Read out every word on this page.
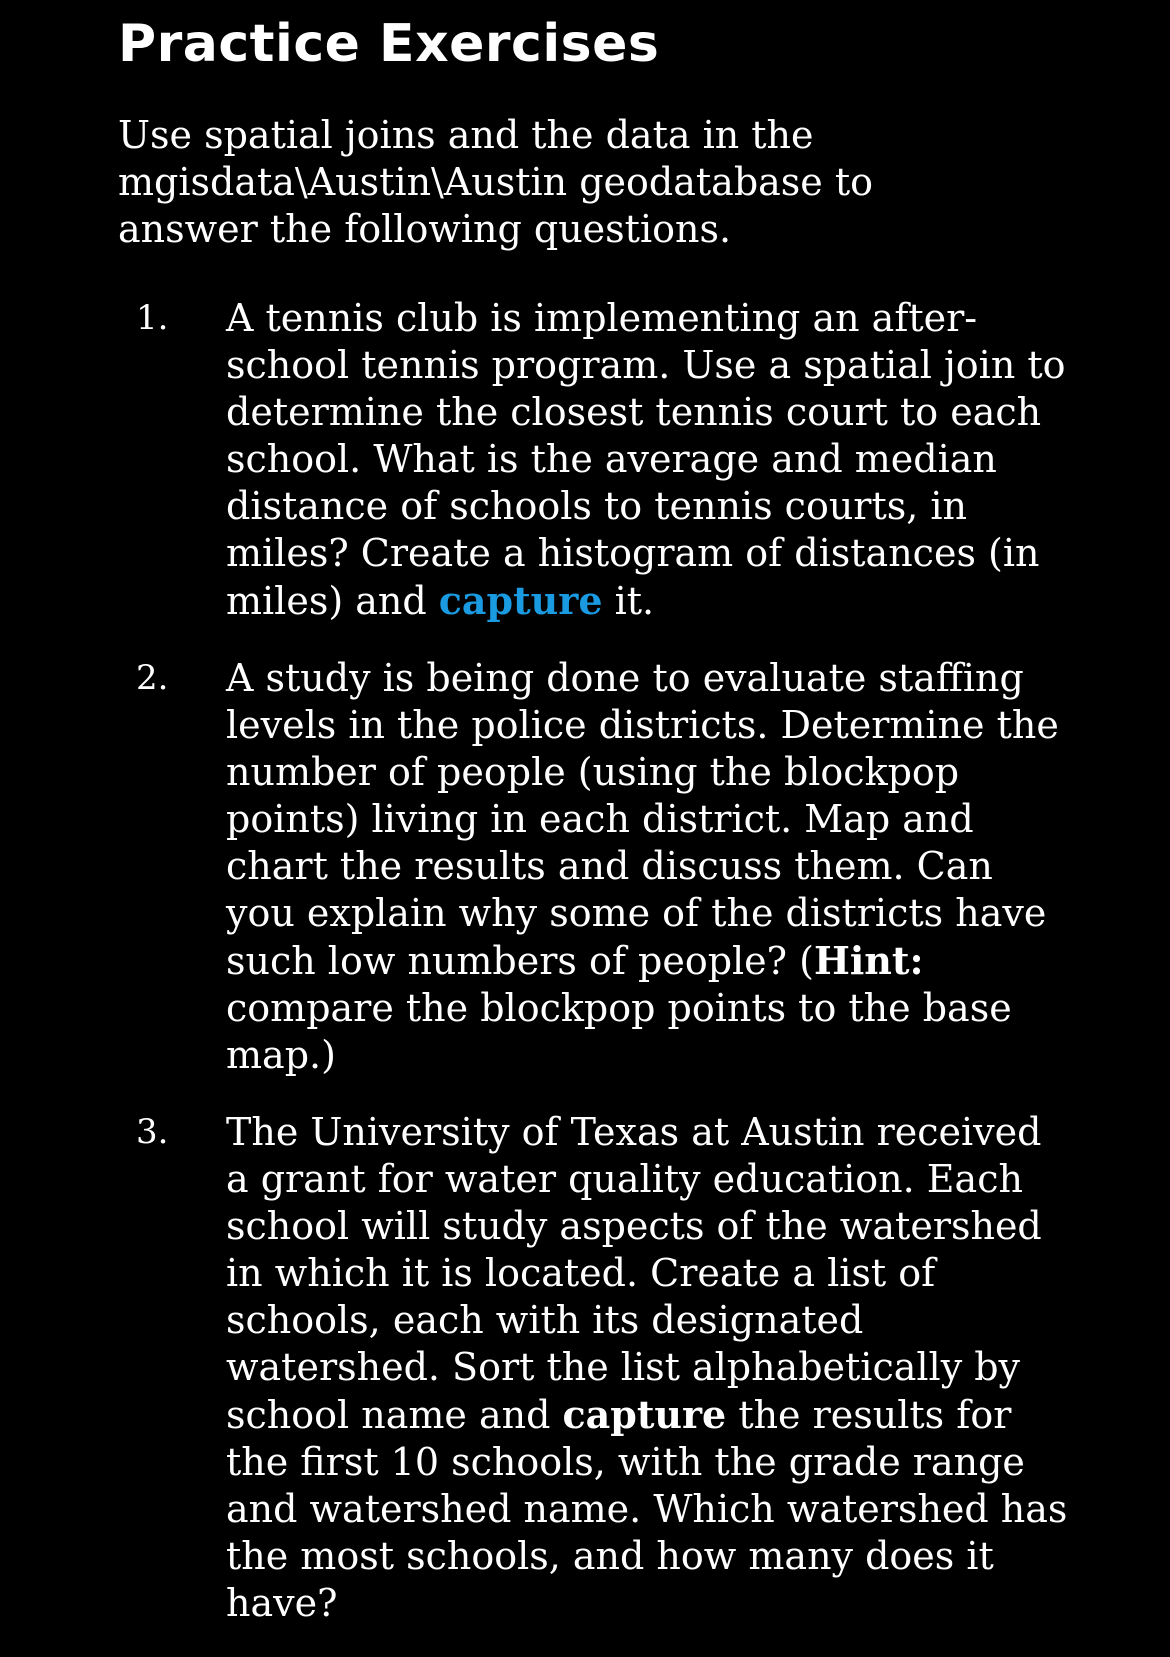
Practice Exercises

Use spatial joins and the data in the mgisdata\Austin\Austin geodatabase to answer the following questions.

1. A tennis club is implementing an after-school tennis program. Use a spatial join to determine the closest tennis court to each school. What is the average and median distance of schools to tennis courts, in miles? Create a histogram of distances (in miles) and capture it.
2. A study is being done to evaluate staffing levels in the police districts. Determine the number of people (using the blockpop points) living in each district. Map and chart the results and discuss them. Can you explain why some of the districts have such low numbers of people? (Hint: compare the blockpop points to the base map.)
3. The University of Texas at Austin received a grant for water quality education. Each school will study aspects of the watershed in which it is located. Create a list of schools, each with its designated watershed. Sort the list alphabetically by school name and capture the results for the first 10 schools, with the grade range and watershed name. Which watershed has the most schools, and how many does it have?
